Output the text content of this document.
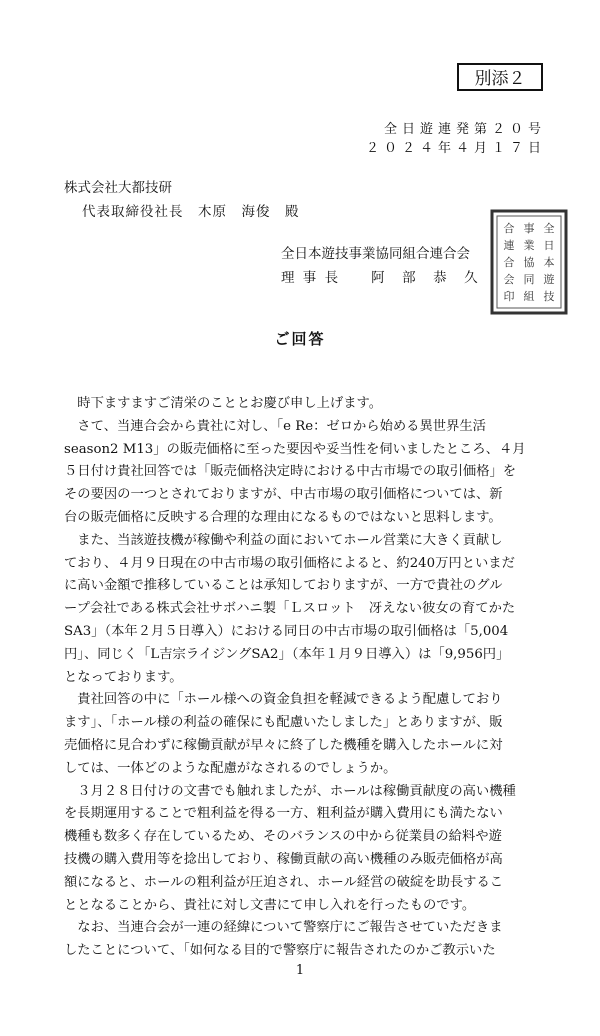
別添２
全日遊連発第２０号
２０２４年４月１７日
株式会社大都技研
代表取締役社長　木原　海俊　殿
全日本遊技事業協同組合連合会
理 事 長　　阿　部　恭　久
全
日
本
遊
技
事
業
協
同
組
合
連
合
会
印
ご回答
　時下ますますご清栄のこととお慶び申し上げます。
　さて、当連合会から貴社に対し、「e Re：ゼロから始める異世界生活
season2 M13」の販売価格に至った要因や妥当性を伺いましたところ、４月
５日付け貴社回答では「販売価格決定時における中古市場での取引価格」を
その要因の一つとされておりますが、中古市場の取引価格については、新
台の販売価格に反映する合理的な理由になるものではないと思料します。
　また、当該遊技機が稼働や利益の面においてホール営業に大きく貢献し
ており、４月９日現在の中古市場の取引価格によると、約240万円といまだ
に高い金額で推移していることは承知しておりますが、一方で貴社のグル
ープ会社である株式会社サボハニ製「Ｌスロット　冴えない彼女の育てかた
SA3」（本年２月５日導入）における同日の中古市場の取引価格は「5,004
円」、同じく「L吉宗ライジングSA2」（本年１月９日導入）は「9,956円」
となっております。
　貴社回答の中に「ホール様への資金負担を軽減できるよう配慮しており
ます」、「ホール様の利益の確保にも配慮いたしました」とありますが、販
売価格に見合わずに稼働貢献が早々に終了した機種を購入したホールに対
しては、一体どのような配慮がなされるのでしょうか。
　３月２８日付けの文書でも触れましたが、ホールは稼働貢献度の高い機種
を長期運用することで粗利益を得る一方、粗利益が購入費用にも満たない
機種も数多く存在しているため、そのバランスの中から従業員の給料や遊
技機の購入費用等を捻出しており、稼働貢献の高い機種のみ販売価格が高
額になると、ホールの粗利益が圧迫され、ホール経営の破綻を助長するこ
ととなることから、貴社に対し文書にて申し入れを行ったものです。
　なお、当連合会が一連の経緯について警察庁にご報告させていただきま
したことについて、「如何なる目的で警察庁に報告されたのかご教示いた
1
